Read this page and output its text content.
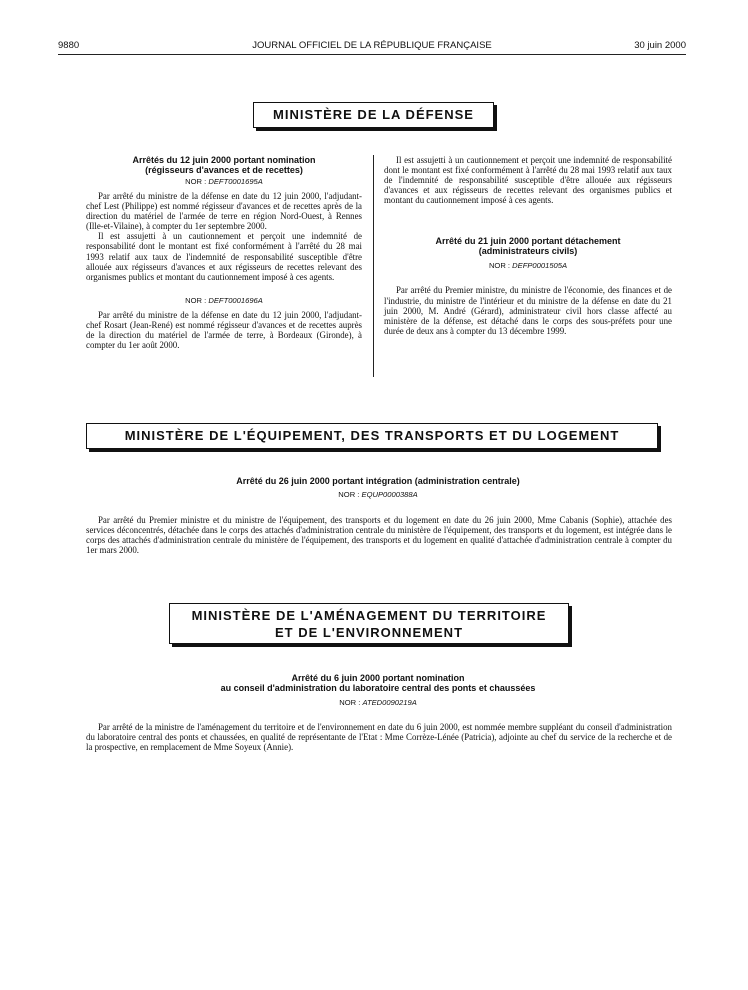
9880	JOURNAL OFFICIEL DE LA RÉPUBLIQUE FRANÇAISE	30 juin 2000
MINISTÈRE DE LA DÉFENSE
Arrêtés du 12 juin 2000 portant nomination
(régisseurs d'avances et de recettes)
NOR : DEFT0001695A

Par arrêté du ministre de la défense en date du 12 juin 2000, l'adjudant-chef Lest (Philippe) est nommé régisseur d'avances et de recettes après de la direction du matériel de l'armée de terre en région Nord-Ouest, à Rennes (Ille-et-Vilaine), à compter du 1er septembre 2000.

Il est assujetti à un cautionnement et perçoit une indemnité de responsabilité dont le montant est fixé conformément à l'arrêté du 28 mai 1993 relatif aux taux de l'indemnité de responsabilité susceptible d'être allouée aux régisseurs d'avances et aux régisseurs de recettes relevant des organismes publics et montant du cautionnement imposé à ces agents.

NOR : DEFT0001696A

Par arrêté du ministre de la défense en date du 12 juin 2000, l'adjudant-chef Rosart (Jean-René) est nommé régisseur d'avances et de recettes auprès de la direction du matériel de l'armée de terre, à Bordeaux (Gironde), à compter du 1er août 2000.

Il est assujetti à un cautionnement et perçoit une indemnité de responsabilité dont le montant est fixé conformément à l'arrêté du 28 mai 1993 relatif aux taux de l'indemnité de responsabilité susceptible d'être allouée aux régisseurs d'avances et aux régisseurs de recettes relevant des organismes publics et montant du cautionnement imposé à ces agents.

Arrêté du 21 juin 2000 portant détachement
(administrateurs civils)
NOR : DEFP0001505A

Par arrêté du Premier ministre, du ministre de l'économie, des finances et de l'industrie, du ministre de l'intérieur et du ministre de la défense en date du 21 juin 2000, M. André (Gérard), administrateur civil hors classe affecté au ministère de la défense, est détaché dans le corps des sous-préfets pour une durée de deux ans à compter du 13 décembre 1999.

MINISTÈRE DE L'ÉQUIPEMENT, DES TRANSPORTS ET DU LOGEMENT
Arrêté du 26 juin 2000 portant intégration (administration centrale)
NOR : EQUP0000388A

Par arrêté du Premier ministre et du ministre de l'équipement, des transports et du logement en date du 26 juin 2000, Mme Cabanis (Sophie), attachée des services déconcentrés, détachée dans le corps des attachés d'administration centrale du ministère de l'équipement, des transports et du logement, est intégrée dans le corps des attachés d'administration centrale du ministère de l'équipement, des transports et du logement en qualité d'attachée d'administration centrale à compter du 1er mars 2000.

MINISTÈRE DE L'AMÉNAGEMENT DU TERRITOIRE
ET DE L'ENVIRONNEMENT
Arrêté du 6 juin 2000 portant nomination
au conseil d'administration du laboratoire central des ponts et chaussées
NOR : ATED0090219A

Par arrêté de la ministre de l'aménagement du territoire et de l'environnement en date du 6 juin 2000, est nommée membre suppléant du conseil d'administration du laboratoire central des ponts et chaussées, en qualité de représentante de l'Etat : Mme Corrèze-Lénée (Patricia), adjointe au chef du service de la recherche et de la prospective, en remplacement de Mme Soyeux (Annie).
